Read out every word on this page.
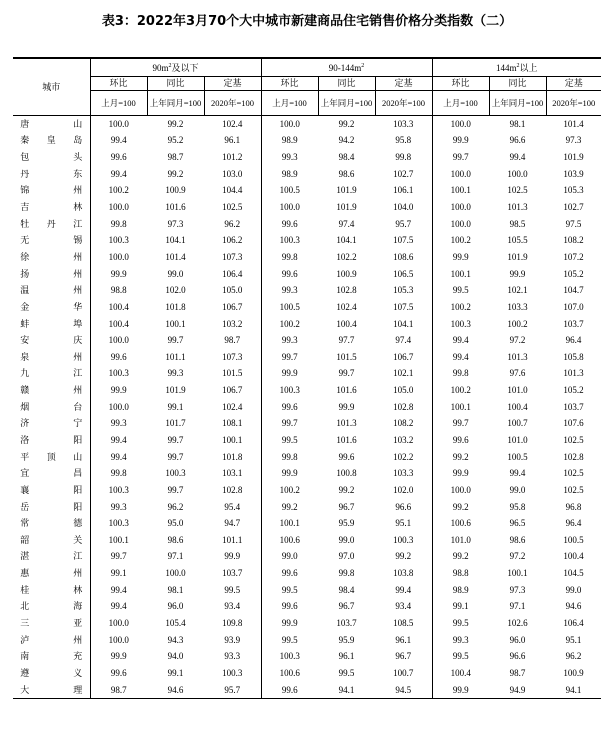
表3：2022年3月70个大中城市新建商品住宅销售价格分类指数（二）
城市	$90m^2$及以下			$90-144m^2$			$144m^2$以上		
	环比	同比	定基	环比	同比	定基	环比	同比	定基
	上月=100	上年同月=100	2020年=100	上月=100	上年同月=100	2020年=100	上月=100	上年同月=100	2020年=100
唐　山	100.0	99.2	102.4	100.0	99.2	103.3	100.0	98.1	101.4
秦皇岛	99.4	95.2	96.1	98.9	94.2	95.8	99.9	96.6	97.3
包　头	99.6	98.7	101.2	99.3	98.4	99.8	99.7	99.4	101.9
丹　东	99.4	99.2	103.0	98.9	98.6	102.7	100.0	100.0	103.9
锦　州	100.2	100.9	104.4	100.5	101.9	106.1	100.1	102.5	105.3
吉　林	100.0	101.6	102.5	100.0	101.9	104.0	100.0	101.3	102.7
牡丹江	99.8	97.3	96.2	99.6	97.4	95.7	100.0	98.5	97.5
无　锡	100.3	104.1	106.2	100.3	104.1	107.5	100.2	105.5	108.2
徐　州	100.0	101.4	107.3	99.8	102.2	108.6	99.9	101.9	107.2
扬　州	99.9	99.0	106.4	99.6	100.9	106.5	100.1	99.9	105.2
温　州	98.8	102.0	105.0	99.3	102.8	105.3	99.5	102.1	104.7
金　华	100.4	101.8	106.7	100.5	102.4	107.5	100.2	103.3	107.0
蚌　埠	100.4	100.1	103.2	100.2	100.4	104.1	100.3	100.2	103.7
安　庆	100.0	99.7	98.7	99.3	97.7	97.4	99.4	97.2	96.4
泉　州	99.6	101.1	107.3	99.7	101.5	106.7	99.4	101.3	105.8
九　江	100.3	99.3	101.5	99.9	99.7	102.1	99.8	97.6	101.3
赣　州	99.9	101.9	106.7	100.3	101.6	105.0	100.2	101.0	105.2
烟　台	100.0	99.1	102.4	99.6	99.9	102.8	100.1	100.4	103.7
济　宁	99.3	101.7	108.1	99.7	101.3	108.2	99.7	100.7	107.6
洛　阳	99.4	99.7	100.1	99.5	101.6	103.2	99.6	101.0	102.5
平顶山	99.4	99.7	101.8	99.8	99.6	102.2	99.2	100.5	102.8
宜　昌	99.8	100.3	103.1	99.9	100.8	103.3	99.9	99.4	102.5
襄　阳	100.3	99.7	102.8	100.2	99.2	102.0	100.0	99.0	102.5
岳　阳	99.3	96.2	95.4	99.2	96.7	96.6	99.2	95.8	96.8
常　德	100.3	95.0	94.7	100.1	95.9	95.1	100.6	96.5	96.4
韶　关	100.1	98.6	101.1	100.6	99.0	100.3	101.0	98.6	100.5
湛　江	99.7	97.1	99.9	99.0	97.0	99.2	99.2	97.2	100.4
惠　州	99.1	100.0	103.7	99.6	99.8	103.8	98.8	100.1	104.5
桂　林	99.4	98.1	99.5	99.5	98.4	99.4	98.9	97.3	99.0
北　海	99.4	96.0	93.4	99.6	96.7	93.4	99.1	97.1	94.6
三　亚	100.0	105.4	109.8	99.9	103.7	108.5	99.5	102.6	106.4
泸　州	100.0	94.3	93.9	99.5	95.9	96.1	99.3	96.0	95.1
南　充	99.9	94.0	93.3	100.3	96.1	96.7	99.5	96.6	96.2
遵　义	99.6	99.1	100.3	100.6	99.5	100.7	100.4	98.7	100.9
大　理	98.7	94.6	95.7	99.6	94.1	94.5	99.9	94.9	94.1
